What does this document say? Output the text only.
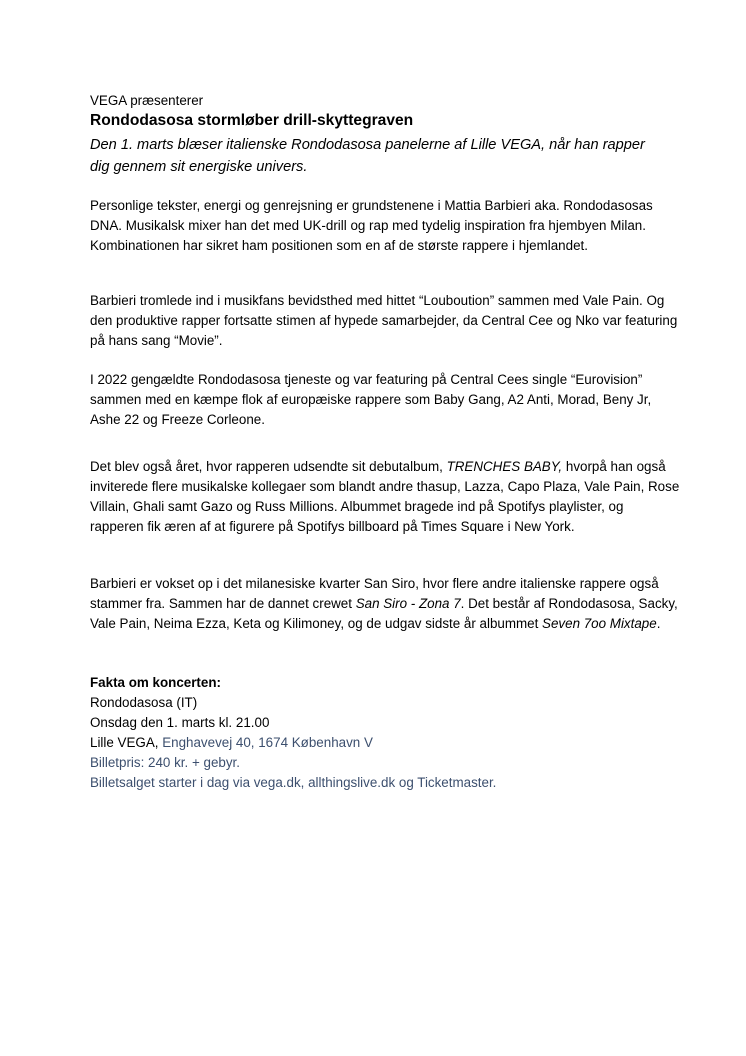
VEGA præsenterer

Rondodasosa stormløber drill-skyttegraven

Den 1. marts blæser italienske Rondodasosa panelerne af Lille VEGA, når han rapper dig gennem sit energiske univers.

Personlige tekster, energi og genrejsning er grundstenene i Mattia Barbieri aka. Rondodasosas DNA. Musikalsk mixer han det med UK-drill og rap med tydelig inspiration fra hjembyen Milan. Kombinationen har sikret ham positionen som en af de største rappere i hjemlandet.

Barbieri tromlede ind i musikfans bevidsthed med hittet “Louboution” sammen med Vale Pain. Og den produktive rapper fortsatte stimen af hypede samarbejder, da Central Cee og Nko var featuring på hans sang “Movie”.

I 2022 gengældte Rondodasosa tjeneste og var featuring på Central Cees single “Eurovision” sammen med en kæmpe flok af europæiske rappere som Baby Gang, A2 Anti, Morad, Beny Jr, Ashe 22 og Freeze Corleone.

Det blev også året, hvor rapperen udsendte sit debutalbum, TRENCHES BABY, hvorpå han også inviterede flere musikalske kollegaer som blandt andre thasup, Lazza, Capo Plaza, Vale Pain, Rose Villain, Ghali samt Gazo og Russ Millions. Albummet bragede ind på Spotifys playlister, og rapperen fik æren af at figurere på Spotifys billboard på Times Square i New York.

Barbieri er vokset op i det milanesiske kvarter San Siro, hvor flere andre italienske rappere også stammer fra. Sammen har de dannet crewet San Siro - Zona 7. Det består af Rondodasosa, Sacky, Vale Pain, Neima Ezza, Keta og Kilimoney, og de udgav sidste år albummet Seven 7oo Mixtape.

Fakta om koncerten:
Rondodasosa (IT)
Onsdag den 1. marts kl. 21.00
Lille VEGA, Enghavevej 40, 1674 København V
Billetpris: 240 kr. + gebyr.
Billetsalget starter i dag via vega.dk, allthingslive.dk og Ticketmaster.
